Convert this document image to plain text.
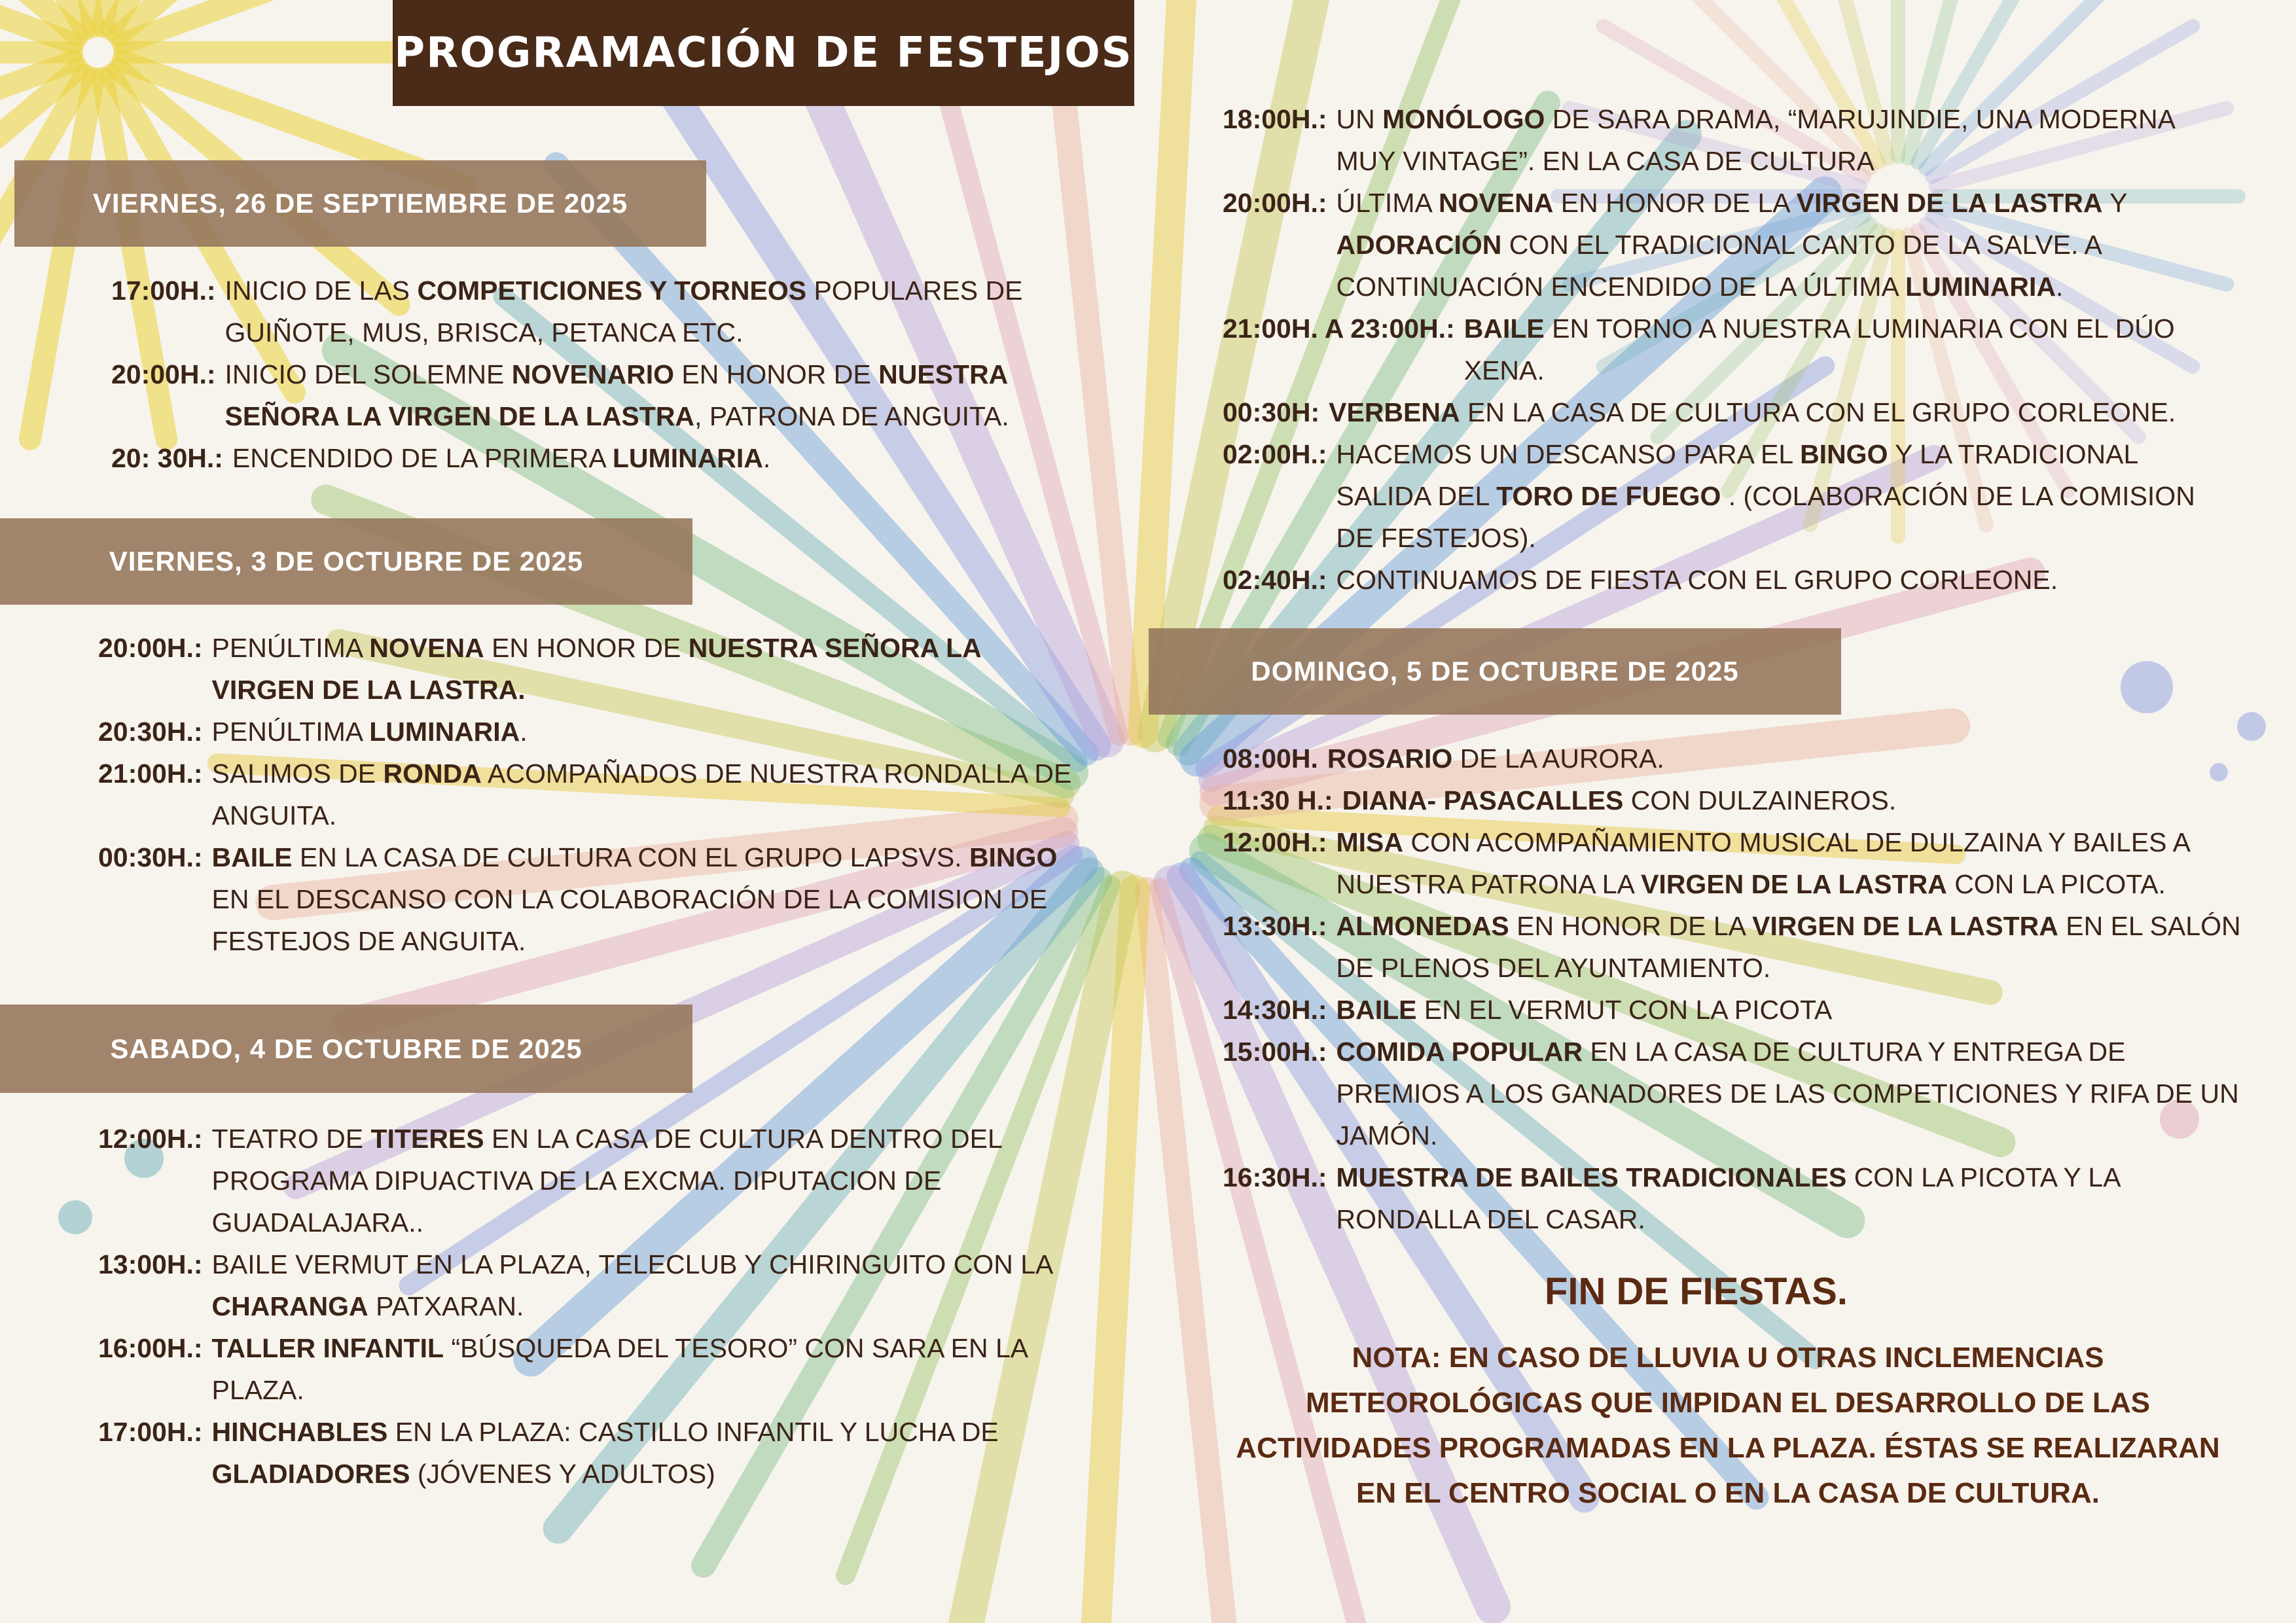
PROGRAMACIÓN DE FESTEJOS
VIERNES, 26 DE SEPTIEMBRE DE 2025
17:00H.: INICIO DE LAS COMPETICIONES Y TORNEOS POPULARES DE GUIÑOTE, MUS, BRISCA, PETANCA ETC.
20:00H.: INICIO DEL SOLEMNE NOVENARIO EN HONOR DE NUESTRA SEÑORA LA VIRGEN DE LA LASTRA, PATRONA DE ANGUITA.
20: 30H.: ENCENDIDO DE LA PRIMERA LUMINARIA.
VIERNES, 3 DE OCTUBRE DE 2025
20:00H.: PENÚLTIMA NOVENA EN HONOR DE NUESTRA SEÑORA LA VIRGEN DE LA LASTRA.
20:30H.: PENÚLTIMA LUMINARIA.
21:00H.: SALIMOS DE RONDA ACOMPAÑADOS DE NUESTRA RONDALLA DE ANGUITA.
00:30H.: BAILE EN LA CASA DE CULTURA CON EL GRUPO LAPSVS. BINGO EN EL DESCANSO CON LA COLABORACIÓN DE LA COMISION DE FESTEJOS DE ANGUITA.
SABADO, 4 DE OCTUBRE DE 2025
12:00H.: TEATRO DE TITERES EN LA CASA DE CULTURA DENTRO DEL PROGRAMA DIPUACTIVA DE LA EXCMA. DIPUTACION DE GUADALAJARA..
13:00H.: BAILE VERMUT EN LA PLAZA, TELECLUB Y CHIRINGUITO CON LA CHARANGA PATXARAN.
16:00H.: TALLER INFANTIL “BÚSQUEDA DEL TESORO” CON SARA EN LA PLAZA.
17:00H.: HINCHABLES EN LA PLAZA: CASTILLO INFANTIL Y LUCHA DE GLADIADORES (JÓVENES Y ADULTOS)
18:00H.: UN MONÓLOGO DE SARA DRAMA, “MARUJINDIE, UNA MODERNA MUY VINTAGE”. EN LA CASA DE CULTURA
20:00H.: ÚLTIMA NOVENA EN HONOR DE LA VIRGEN DE LA LASTRA Y ADORACIÓN CON EL TRADICIONAL CANTO DE LA SALVE. A CONTINUACIÓN ENCENDIDO DE LA ÚLTIMA LUMINARIA.
21:00H. A 23:00H.: BAILE EN TORNO A NUESTRA LUMINARIA CON EL DÚO XENA.
00:30H: VERBENA EN LA CASA DE CULTURA CON EL GRUPO CORLEONE.
02:00H.: HACEMOS UN DESCANSO PARA EL BINGO Y LA TRADICIONAL SALIDA DEL TORO DE FUEGO . (COLABORACIÓN DE LA COMISION DE FESTEJOS).
02:40H.: CONTINUAMOS DE FIESTA CON EL GRUPO CORLEONE.
DOMINGO, 5 DE OCTUBRE DE 2025
08:00H. ROSARIO DE LA AURORA.
11:30 H.: DIANA- PASACALLES CON DULZAINEROS.
12:00H.: MISA CON ACOMPAÑAMIENTO MUSICAL DE DULZAINA Y BAILES A NUESTRA PATRONA LA VIRGEN DE LA LASTRA CON LA PICOTA.
13:30H.: ALMONEDAS EN HONOR DE LA VIRGEN DE LA LASTRA EN EL SALÓN DE PLENOS DEL AYUNTAMIENTO.
14:30H.: BAILE EN EL VERMUT CON LA PICOTA
15:00H.: COMIDA POPULAR EN LA CASA DE CULTURA Y ENTREGA DE PREMIOS A LOS GANADORES DE LAS COMPETICIONES Y RIFA DE UN JAMÓN.
16:30H.: MUESTRA DE BAILES TRADICIONALES CON LA PICOTA Y LA RONDALLA DEL CASAR.
FIN DE FIESTAS.
NOTA: EN CASO DE LLUVIA U OTRAS INCLEMENCIAS METEOROLÓGICAS QUE IMPIDAN EL DESARROLLO DE LAS ACTIVIDADES PROGRAMADAS EN LA PLAZA. ÉSTAS SE REALIZARAN EN EL CENTRO SOCIAL O EN LA CASA DE CULTURA.
